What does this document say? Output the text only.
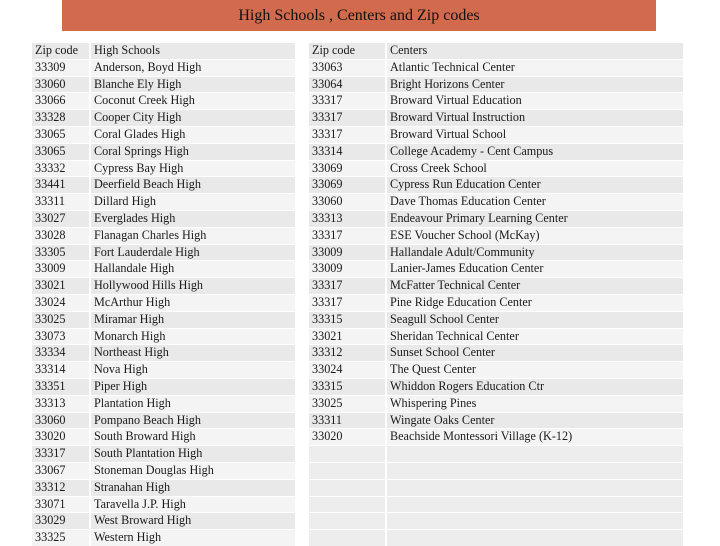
High Schools , Centers and Zip codes
Zip code	High Schools
33309	Anderson, Boyd High
33060	Blanche Ely High
33066	Coconut Creek High
33328	Cooper City High
33065	Coral Glades High
33065	Coral Springs High
33332	Cypress Bay High
33441	Deerfield Beach High
33311	Dillard High
33027	Everglades High
33028	Flanagan Charles High
33305	Fort Lauderdale High
33009	Hallandale High
33021	Hollywood Hills High
33024	McArthur High
33025	Miramar High
33073	Monarch High
33334	Northeast High
33314	Nova High
33351	Piper High
33313	Plantation High
33060	Pompano Beach High
33020	South Broward High
33317	South Plantation High
33067	Stoneman Douglas High
33312	Stranahan High
33071	Taravella J.P. High
33029	West Broward High
33325	Western High
Zip code	Centers
33063	Atlantic Technical Center
33064	Bright Horizons Center
33317	Broward Virtual Education
33317	Broward Virtual Instruction
33317	Broward Virtual School
33314	College Academy - Cent Campus
33069	Cross Creek School
33069	Cypress Run Education Center
33060	Dave Thomas Education Center
33313	Endeavour Primary Learning Center
33317	ESE Voucher School (McKay)
33009	Hallandale Adult/Community
33009	Lanier-James Education Center
33317	McFatter Technical Center
33317	Pine Ridge Education Center
33315	Seagull School Center
33021	Sheridan Technical Center
33312	Sunset School Center
33024	The Quest Center
33315	Whiddon Rogers Education Ctr
33025	Whispering Pines
33311	Wingate Oaks Center
33020	Beachside Montessori Village (K-12)
